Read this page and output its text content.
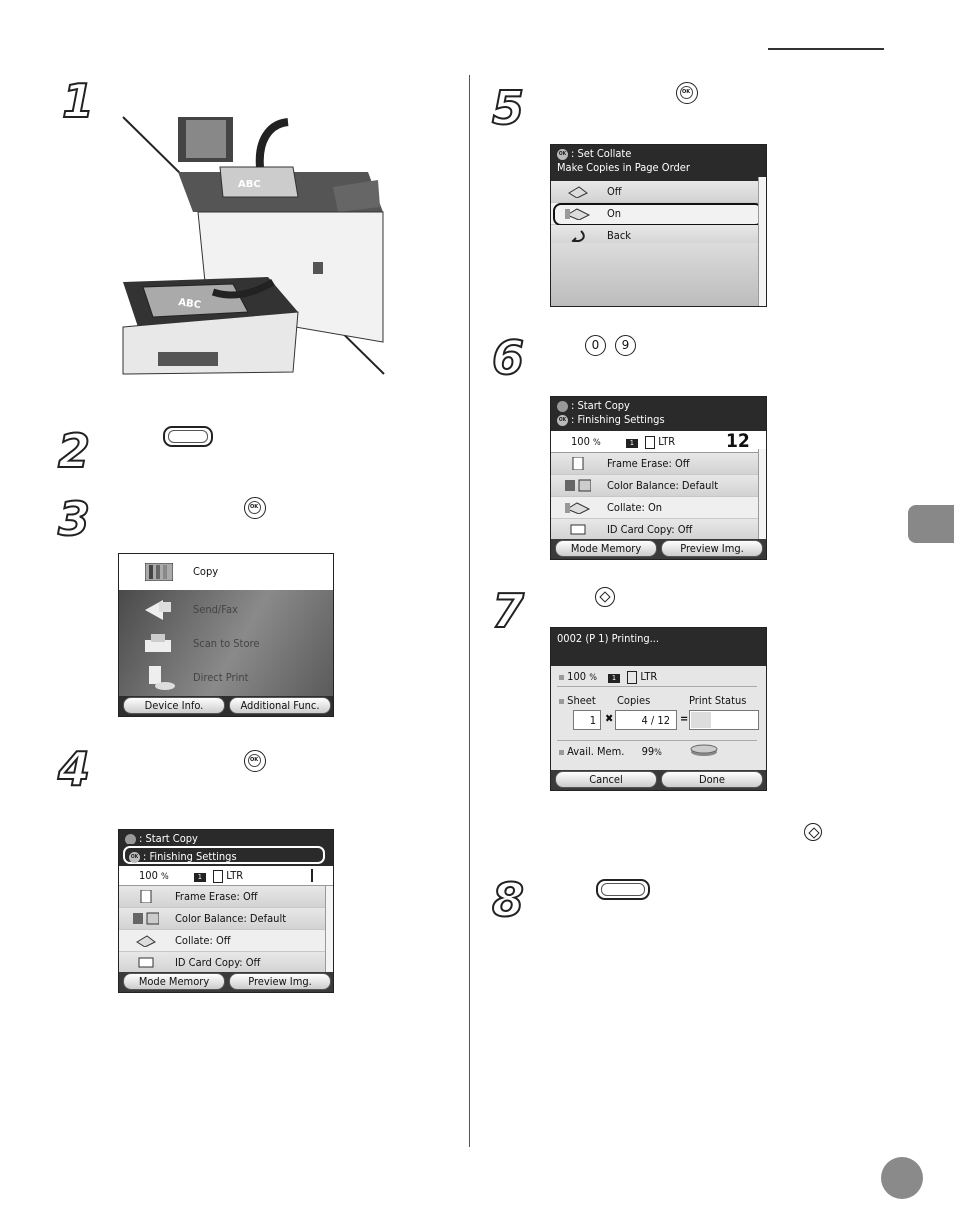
1
2
3
4
5
6
7
8
ABC
ABC
OK
Copy
Send/Fax
Scan to Store
Direct Print
Device Info.	Additional Func.
OK
: Start Copy
OK : Finishing Settings
100 %	1 LTR
Frame Erase: Off
Color Balance: Default
Collate: Off
ID Card Copy: Off
Mode Memory	Preview Img.
OK
OK : Set Collate
Make Copies in Page Order
Off
On
Back
0	9
: Start Copy
OK : Finishing Settings
100 %	1 LTR	12
Frame Erase: Off
Color Balance: Default
Collate: On
ID Card Copy: Off
Mode Memory	Preview Img.
0002 (P 1) Printing...
100 % 1 LTR
Sheet Copies	Print Status
1 ✖	4 / 12 =
Avail. Mem. 99%
Cancel	Done
